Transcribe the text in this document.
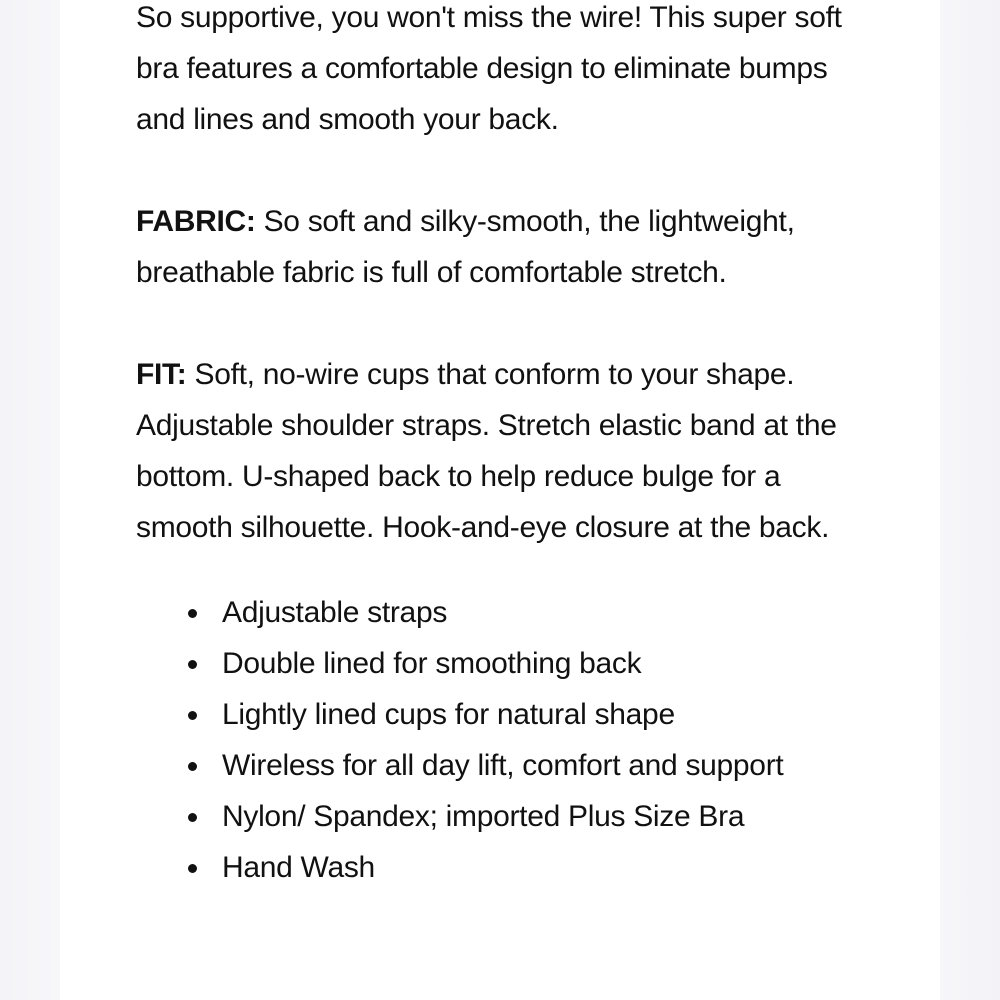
So supportive, you won't miss the wire! This super soft bra features a comfortable design to eliminate bumps and lines and smooth your back.

FABRIC: So soft and silky-smooth, the lightweight, breathable fabric is full of comfortable stretch.

FIT: Soft, no-wire cups that conform to your shape. Adjustable shoulder straps. Stretch elastic band at the bottom. U-shaped back to help reduce bulge for a smooth silhouette. Hook-and-eye closure at the back.

Adjustable straps
Double lined for smoothing back
Lightly lined cups for natural shape
Wireless for all day lift, comfort and support
Nylon/ Spandex; imported Plus Size Bra
Hand Wash
